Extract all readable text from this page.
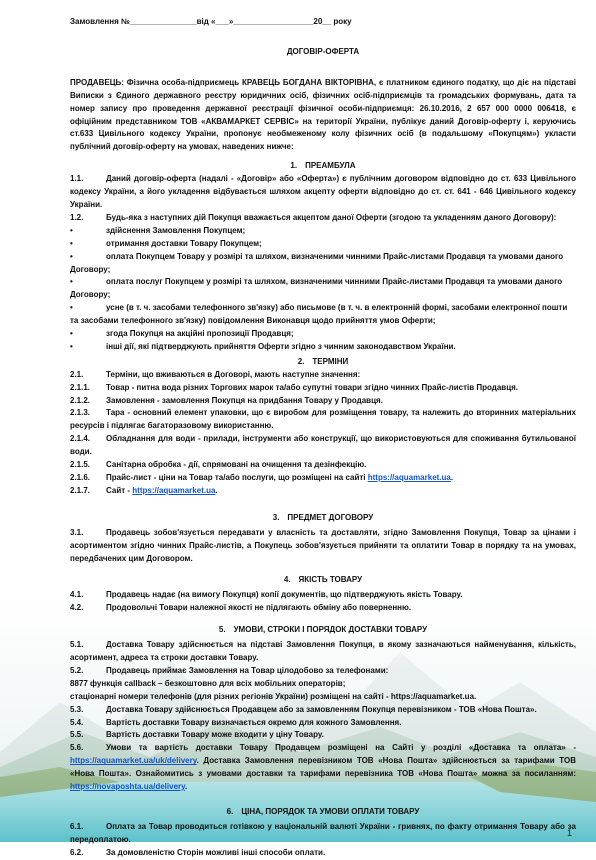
Замовлення №_______________від «___»__________________20__ року

ДОГОВІР-ОФЕРТА

ПРОДАВЕЦЬ: Фізична особа-підприємець КРАВЕЦЬ БОГДАНА ВІКТОРІВНА, є платником єдиного податку, що діє на підставі Виписки з Єдиного державного реєстру юридичних осіб, фізичних осіб-підприємців та громадських формувань, дата та номер запису про проведення державної реєстрації фізичної особи-підприємця: 26.10.2016, 2 657 000 0000 006418, є офіційним представником ТОВ «АКВАМАРКЕТ СЕРВІС» на території України, публікує даний Договір-оферту і, керуючись ст.633 Цивільного кодексу України, пропонує необмеженому колу фізичних осіб (в подальшому «Покупцям») укласти публічний договір-оферту на умовах, наведених нижче:

1. ПРЕАМБУЛА

1.1.	Даний договір-оферта (надалі - «Договір» або «Оферта») є публічним договором відповідно до ст. 633 Цивільного кодексу України, а його укладення відбувається шляхом акцепту оферти відповідно до ст. ст. 641 - 646 Цивільного кодексу України.
1.2.	Будь-яка з наступних дій Покупця вважається акцептом даної Оферти (згодою та укладенням даного Договору):
•	здійснення Замовлення Покупцем;
•	отримання доставки Товару Покупцем;
•	оплата Покупцем Товару у розмірі та шляхом, визначеними чинними Прайс-листами Продавця та умовами даного Договору;
•	оплата послуг Покупцем у розмірі та шляхом, визначеними чинними Прайс-листами Продавця та умовами даного Договору;
•	усне (в т. ч. засобами телефонного зв'язку) або письмове (в т. ч. в електронній формі, засобами електронної пошти та засобами телефонного зв'язку) повідомлення Виконавця щодо прийняття умов Оферти;
•	згода Покупця на акційні пропозиції Продавця;
•	інші дії, які підтверджують прийняття Оферти згідно з чинним законодавством України.

2. ТЕРМІНИ

2.1.	Терміни, що вживаються в Договорі, мають наступне значення:
2.1.1.	Товар - питна вода різних Торгових марок та/або супутні товари згідно чинних Прайс-листів Продавця.
2.1.2.	Замовлення - замовлення Покупця на придбання Товару у Продавця.
2.1.3. Тара - основний елемент упаковки, що є виробом для розміщення товару, та належить до вторинних матеріальних ресурсів і підлягає багаторазовому використанню.
2.1.4. Обладнання для води - прилади, інструменти або конструкції, що використовуються для споживання бутильованої води.
2.1.5.	Санітарна обробка - дії, спрямовані на очищення та дезінфекцію.
2.1.6.	Прайс-лист - ціни на Товар та/або послуги, що розміщені на сайті https://aquamarket.ua.
2.1.7.	Сайт - https://aquamarket.ua.

3. ПРЕДМЕТ ДОГОВОРУ

3.1.	Продавець зобов'язується передавати у власність та доставляти, згідно Замовлення Покупця, Товар за цінами і асортиментом згідно чинних Прайс-листів, а Покупець зобов'язується прийняти та оплатити Товар в порядку та на умовах, передбачених цим Договором.

4. ЯКІСТЬ ТОВАРУ

4.1.	Продавець надає (на вимогу Покупця) копії документів, що підтверджують якість Товару.
4.2.	Продовольчі Товари належної якості не підлягають обміну або поверненню.

5. УМОВИ, СТРОКИ І ПОРЯДОК ДОСТАВКИ ТОВАРУ

5.1.	Доставка Товару здійснюється на підставі Замовлення Покупця, в якому зазначаються найменування, кількість, асортимент, адреса та строки доставки Товару.
5.2.	Продавець приймає Замовлення на Товар цілодобово за телефонами:
8877 функція callback – безкоштовно для всіх мобільних операторів;
стаціонарні номери телефонів (для різних регіонів України) розміщені на сайті - https://aquamarket.ua.
5.3.	Доставка Товару здійснюється Продавцем або за замовленням Покупця перевізником - ТОВ «Нова Пошта».
5.4.	Вартість доставки Товару визначається окремо для кожного Замовлення.
5.5.	Вартість доставки Товару може входити у ціну Товару.
5.6.	Умови та вартість доставки Товару Продавцем розміщені на Сайті у розділі «Доставка та оплата» - https://aquamarket.ua/uk/delivery. Доставка Замовлення перевізником ТОВ «Нова Пошта» здійснюється за тарифами ТОВ «Нова Пошта». Ознайомитись з умовами доставки та тарифами перевізника ТОВ «Нова Пошта» можна за посиланням: https://novaposhta.ua/delivery.

6. ЦІНА, ПОРЯДОК ТА УМОВИ ОПЛАТИ ТОВАРУ

6.1.	Оплата за Товар проводиться готівкою у національній валюті України - гривнях, по факту отримання Товару або за передоплатою.
6.2.	За домовленістю Сторін можливі інші способи оплати.
1
